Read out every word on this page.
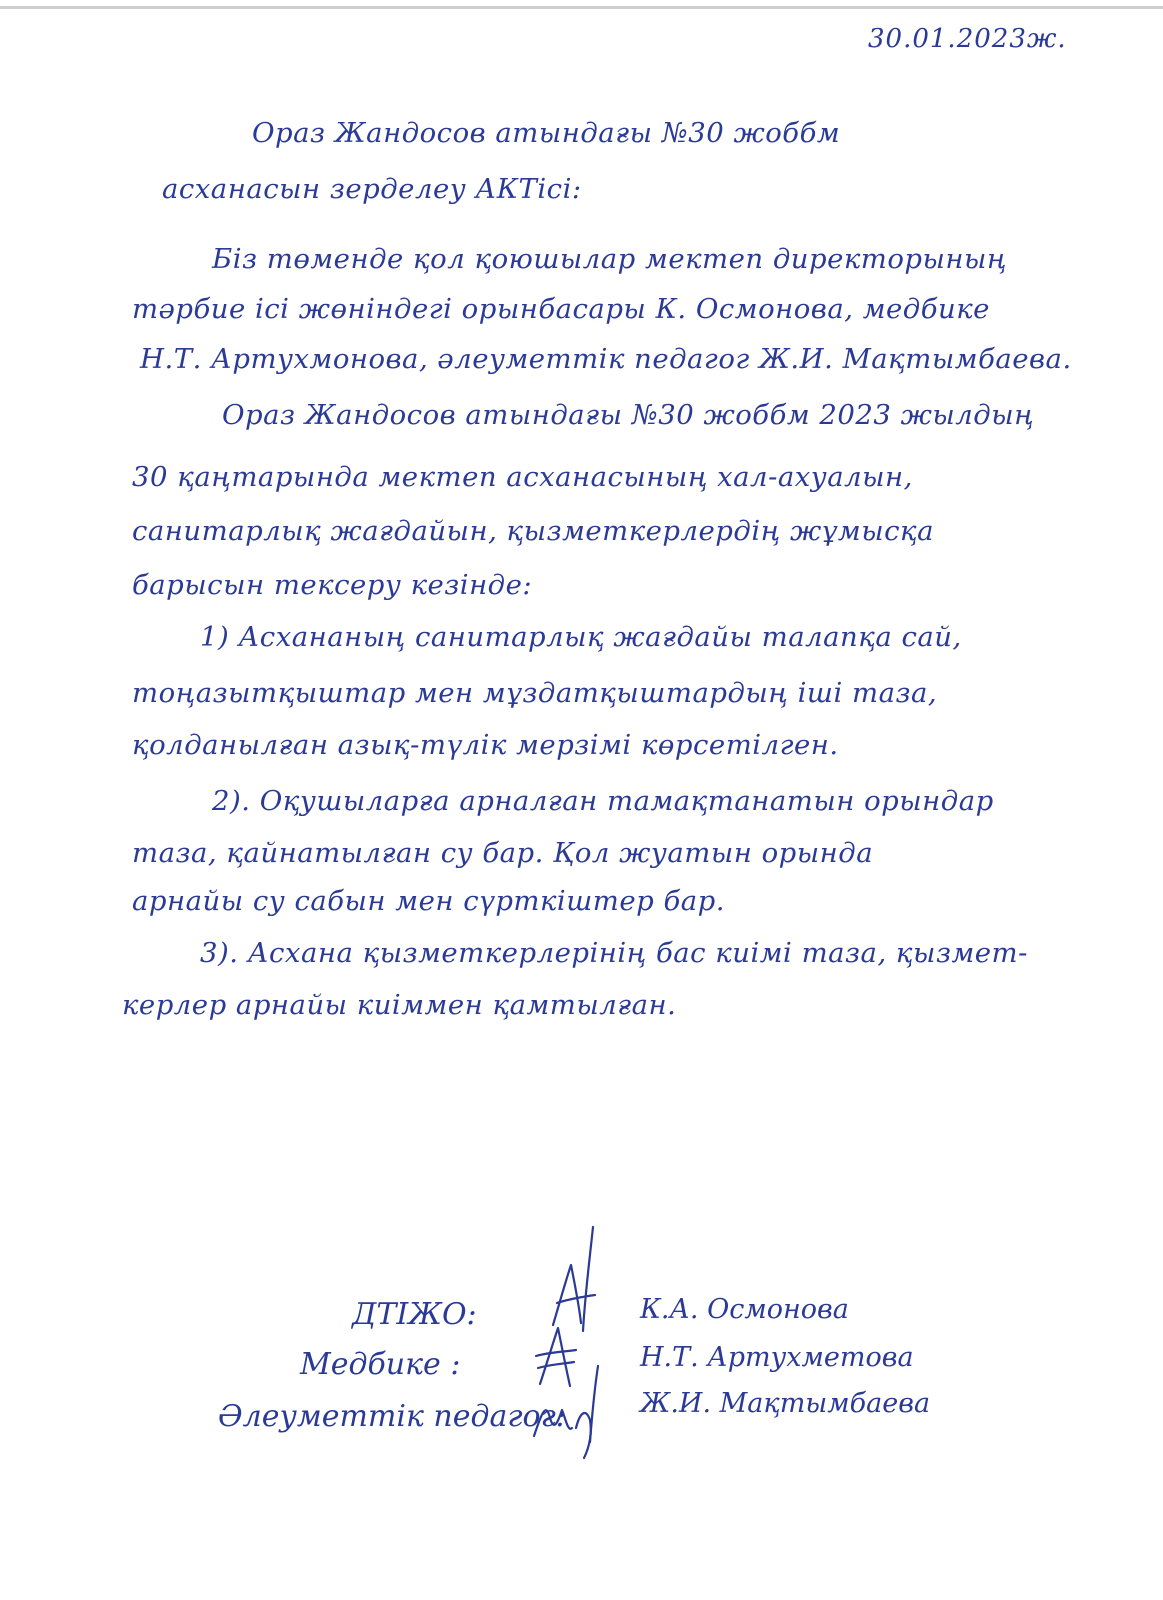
30.01.2023ж.
Ораз Жандосов атындағы №30 жоббм
асханасын зерделеу АКТісі:
Біз төменде қол қоюшылар мектеп директорының
тәрбие ісі жөніндегі орынбасары К. Осмонова, медбике
Н.Т. Артухмонова, әлеуметтік педагог Ж.И. Мақтымбаева.
Ораз Жандосов атындағы №30 жоббм 2023 жылдың
30 қаңтарында мектеп асханасының хал-ахуалын,
санитарлық жағдайын, қызметкерлердің жұмысқа
барысын тексеру кезінде:
1) Асхананың санитарлық жағдайы талапқа сай,
тоңазытқыштар мен мұздатқыштардың ішi таза,
қолданылған азық-түлік мерзімі көрсетілген.
2). Оқушыларға арналған тамақтанатын орындар
таза, қайнатылған су бар. Қол жуатын орында
арнайы су сабын мен сүрткіштер бар.
3). Асхана қызметкерлерінің бас киімі таза, қызмет-
керлер арнайы киіммен қамтылған.
ДТІЖО:	К.А. Осмонова
Медбике :	Н.Т. Артухметова
Әлеуметтік педагог:	Ж.И. Мақтымбаева
